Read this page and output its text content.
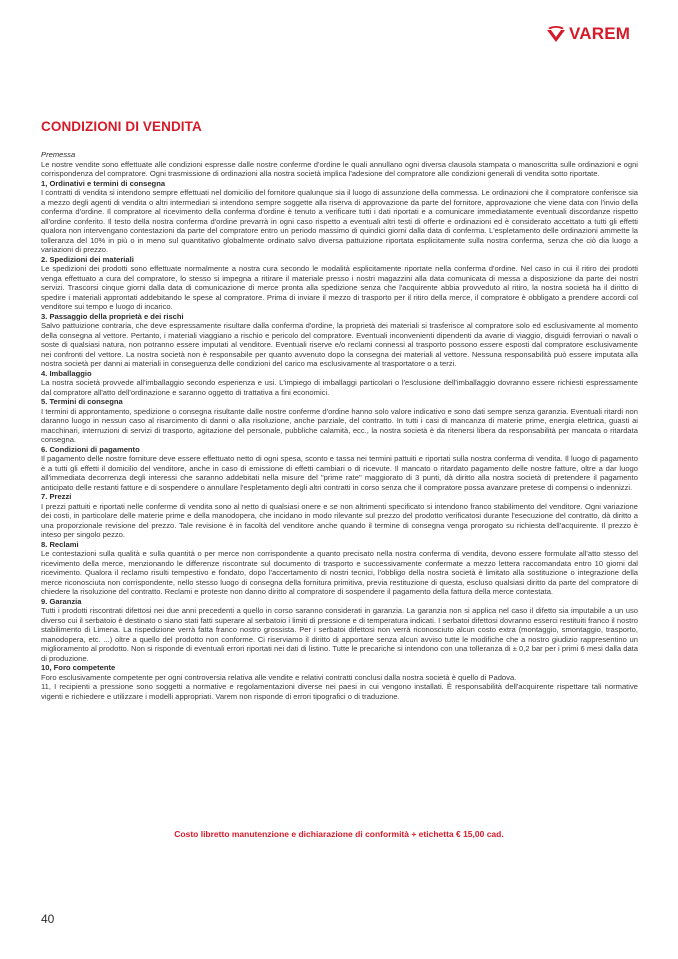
VAREM
CONDIZIONI DI VENDITA
Premessa

Le nostre vendite sono effettuate alle condizioni espresse dalle nostre conferme d'ordine le quali annullano ogni diversa clausola stampata o manoscritta sulle ordinazioni e ogni corrispondenza del compratore. Ogni trasmissione di ordinazioni alla nostra società implica l'adesione del compratore alle condizioni generali di vendita sotto riportate.

1, Ordinativi e termini di consegna

I contratti di vendita si intendono sempre effettuati nel domicilio del fornitore qualunque sia il luogo di assunzione della commessa. Le ordinazioni che il compratore conferisce sia a mezzo degli agenti di vendita o altri intermediari si intendono sempre soggette alla riserva di approvazione da parte del fornitore, approvazione che viene data con l'invio della conferma d'ordine. Il compratore al ricevimento della conferma d'ordine è tenuto a verificare tutti i dati riportati e a comunicare immediatamente eventuali discordanze rispetto all'ordine conferito. Il testo della nostra conferma d'ordine prevarrà in ogni caso rispetto a eventuali altri testi di offerte e ordinazioni ed è considerato accettato a tutti gli effetti qualora non intervengano contestazioni da parte del compratore entro un periodo massimo di quindici giorni dalla data di conferma. L'espletamento delle ordinazioni ammette la tolleranza del 10% in più o in meno sul quantitativo globalmente ordinato salvo diversa pattuizione riportata esplicitamente sulla nostra conferma, senza che ciò dia luogo a variazioni di prezzo.

2. Spedizioni dei materiali

Le spedizioni dei prodotti sono effettuate normalmente a nostra cura secondo le modalità esplicitamente riportate nella conferma d'ordine. Nel caso in cui il ritiro dei prodotti venga effettuato a cura del compratore, lo stesso si impegna a ritirare il materiale presso i nostri magazzini alla data comunicata di messa a disposizione da parte dei nostri servizi. Trascorsi cinque giorni dalla data di comunicazione di merce pronta alla spedizione senza che l'acquirente abbia provveduto al ritiro, la nostra società ha il diritto di spedire i materiali approntati addebitando le spese al compratore. Prima di inviare il mezzo di trasporto per il ritiro della merce, il compratore è obbligato a prendere accordi col venditore sui tempo e luogo di incarico.

3. Passaggio della proprietà e dei rischi

Salvo pattuizione contraria, che deve espressamente risultare dalla conferma d'ordine, la proprietà dei materiali si trasferisce al compratore solo ed esclusivamente al momento della consegna al vettore. Pertanto, i materiali viaggiano a rischio e pericolo del compratore. Eventuali inconvenienti dipendenti da avarie di viaggio, disguidi ferroviari o navali o soste di qualsiasi natura, non potranno essere imputati al venditore. Eventuali riserve e/o reclami connessi al trasporto possono essere esposti dal compratore esclusivamente nei confronti del vettore. La nostra società non è responsabile per quanto avvenuto dopo la consegna dei materiali al vettore. Nessuna responsabilità può essere imputata alla nostra società per danni ai materiali in conseguenza delle condizioni del carico ma esclusivamente al trasportatore o a terzi.

4. Imballaggio

La nostra società provvede all'imballaggio secondo esperienza e usi. L'impiego di imballaggi particolari o l'esclusione dell'imballaggio dovranno essere richiesti espressamente dal compratore all'atto dell'ordinazione e saranno oggetto di trattativa a fini economici.

5. Termini di consegna

I termini di approntamento, spedizione o consegna risultante dalle nostre conferme d'ordine hanno solo valore indicativo e sono dati sempre senza garanzia. Eventuali ritardi non daranno luogo in nessun caso al risarcimento di danni o alla risoluzione, anche parziale, del contratto. In tutti i casi di mancanza di materie prime, energia elettrica, guasti ai macchinari, interruzioni di servizi di trasporto, agitazione del personale, pubbliche calamità, ecc., la nostra società è da ritenersi libera da responsabilità per mancata o ritardata consegna.

6. Condizioni di pagamento

Il pagamento delle nostre forniture deve essere effettuato netto di ogni spesa, sconto e tassa nei termini pattuiti e riportati sulla nostra conferma di vendita. Il luogo di pagamento è a tutti gli effetti il domicilio del venditore, anche in caso di emissione di effetti cambiari o di ricevute. Il mancato o ritardato pagamento delle nostre fatture, oltre a dar luogo all'immediata decorrenza degli interessi che saranno addebitati nella misure del "prime rate" maggiorato di 3 punti, dà diritto alla nostra società di pretendere il pagamento anticipato delle restanti fatture e di sospendere o annullare l'espletamento degli altri contratti in corso senza che il compratore possa avanzare pretese di compensi o indennizzi.

7. Prezzi

I prezzi pattuiti e riportati nelle conferme di vendita sono al netto di qualsiasi onere e se non altrimenti specificato si intendono franco stabilimento del venditore. Ogni variazione dei costi, in particolare delle materie prime e della manodopera, che incidano in modo rilevante sul prezzo del prodotto verificatosi durante l'esecuzione del contratto, dà diritto a una proporzionale revisione del prezzo. Tale revisione è in facoltà del venditore anche quando il termine di consegna venga prorogato su richiesta dell'acquirente. Il prezzo è inteso per singolo pezzo.

8. Reclami

Le contestazioni sulla qualità e sulla quantità o per merce non corrispondente a quanto precisato nella nostra conferma di vendita, devono essere formulate all'atto stesso del ricevimento della merce, menzionando le differenze riscontrate sul documento di trasporto e successivamente confermate a mezzo lettera raccomandata entro 10 giorni dal ricevimento. Qualora il reclamo risulti tempestivo e fondato, dopo l'accertamento di nostri tecnici, l'obbligo della nostra società è limitato alla sostituzione o integrazione della merce riconosciuta non corrispondente, nello stesso luogo di consegna della fornitura primitiva, previa restituzione di questa, escluso qualsiasi diritto da parte del compratore di chiedere la risoluzione del contratto. Reclami e proteste non danno diritto al compratore di sospendere il pagamento della fattura della merce contestata.

9. Garanzia

Tutti i prodotti riscontrati difettosi nei due anni precedenti a quello in corso saranno considerati in garanzia. La garanzia non si applica nel caso il difetto sia imputabile a un uso diverso cui il serbatoio è destinato o siano stati fatti superare al serbatoio i limiti di pressione e di temperatura indicati. I serbatoi difettosi dovranno esserci restituiti franco il nostro stabilimento di Limena. La rispedizione verrà fatta franco nostro grossista. Per i serbatoi difettosi non verrà riconosciuto alcun costo extra (montaggio, smontaggio, trasporto, manodopera, etc. ...) oltre a quello del prodotto non conforme. Ci riserviamo il diritto di apportare senza alcun avviso tutte le modifiche che a nostro giudizio rappresentino un miglioramento al prodotto. Non si risponde di eventuali errori riportati nei dati di listino. Tutte le precariche si intendono con una tolleranza di ± 0,2 bar per i primi 6 mesi dalla data di produzione.

10, Foro competente

Foro esclusivamente competente per ogni controversia relativa alle vendite e relativi contratti conclusi dalla nostra società è quello di Padova.

11, I recipienti a pressione sono soggetti a normative e regolamentazioni diverse nei paesi in cui vengono installati. È responsabilità dell'acquirente rispettare tali normative vigenti e richiedere e utilizzare i modelli appropriati. Varem non risponde di errori tipografici o di traduzione.

Costo libretto manutenzione e dichiarazione di conformità + etichetta € 15,00 cad.
40
